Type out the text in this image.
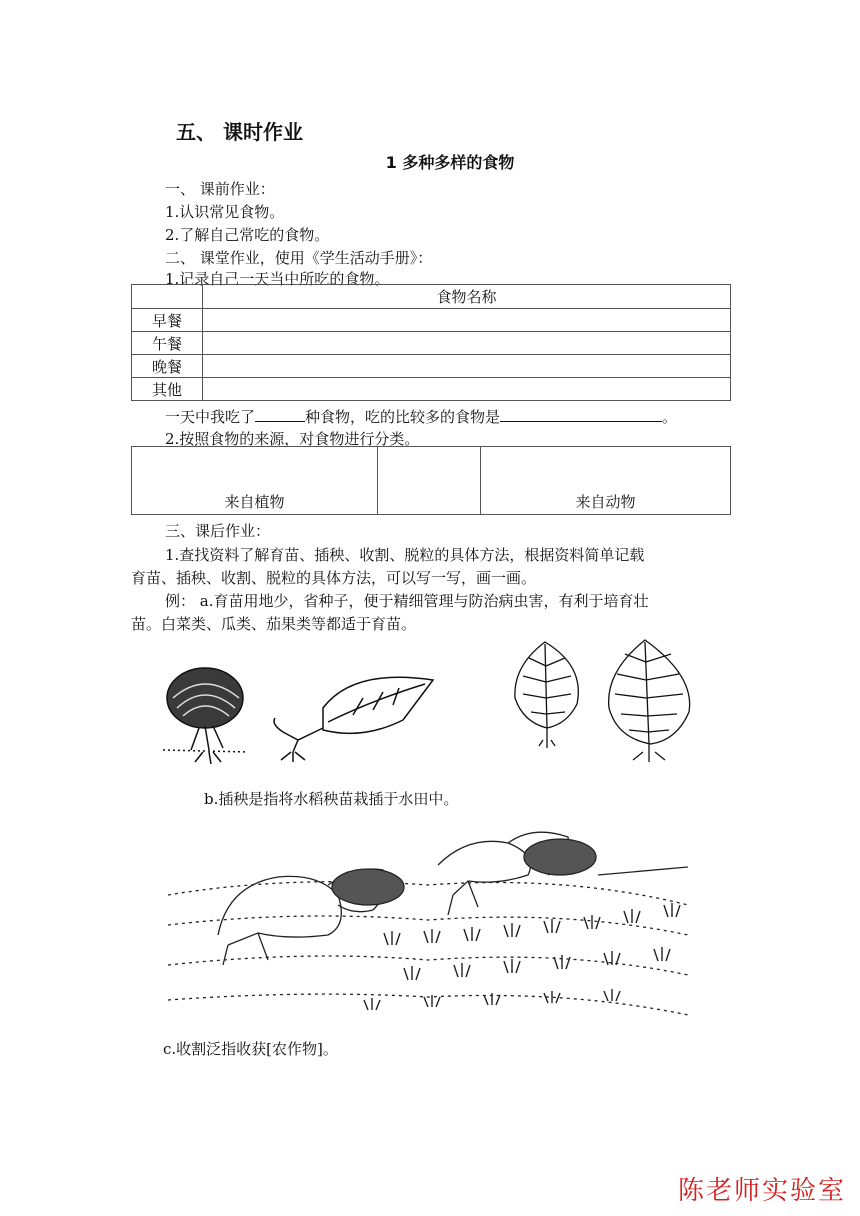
五、 课时作业
1 多种多样的食物
一、 课前作业：
1.认识常见食物。
2.了解自己常吃的食物。
二、 课堂作业，使用《学生活动手册》：
1.记录自己一天当中所吃的食物。
	食物名称
早餐	
午餐	
晚餐	
其他	
一天中我吃了	种食物，吃的比较多的食物是	。
2.按照食物的来源，对食物进行分类。
来自植物		来自动物
三、课后作业：
1.查找资料了解育苗、插秧、收割、脱粒的具体方法，根据资料简单记载
育苗、插秧、收割、脱粒的具体方法，可以写一写，画一画。
例： a.育苗用地少，省种子，便于精细管理与防治病虫害，有利于培育壮
苗。白菜类、瓜类、茄果类等都适于育苗。
b.插秧是指将水稻秧苗栽插于水田中。
c.收割泛指收获[农作物]。
陈老师实验室
